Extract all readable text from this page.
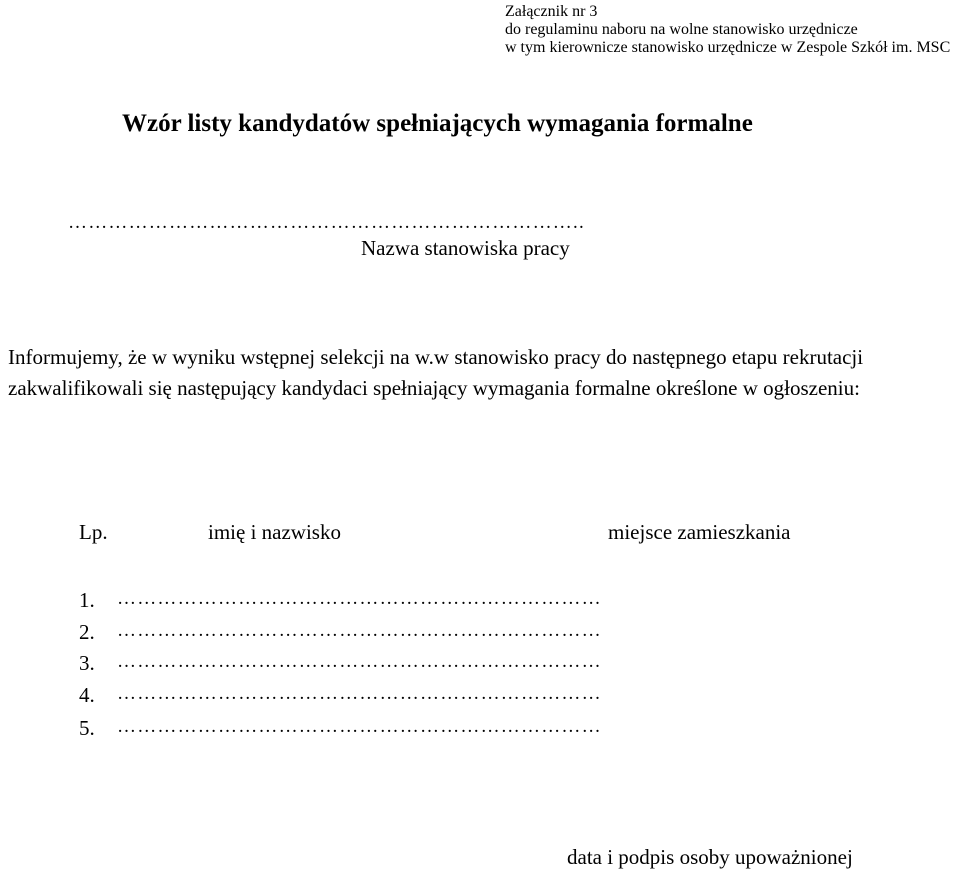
Załącznik nr 3
do regulaminu naboru na wolne stanowisko urzędnicze
w tym kierownicze stanowisko urzędnicze w Zespole Szkół im. MSC
Wzór listy kandydatów spełniających wymagania formalne
…………………………………………………………………..
Nazwa stanowiska pracy
Informujemy, że w wyniku wstępnej selekcji na w.w stanowisko pracy do następnego etapu rekrutacji zakwalifikowali się następujący kandydaci spełniający wymagania formalne określone w ogłoszeniu:
Lp.	imię i nazwisko	miejsce zamieszkania
1. ………………………………………………………………
2. ………………………………………………………………
3. ………………………………………………………………
4. ………………………………………………………………
5. ………………………………………………………………
data i podpis osoby upoważnionej
